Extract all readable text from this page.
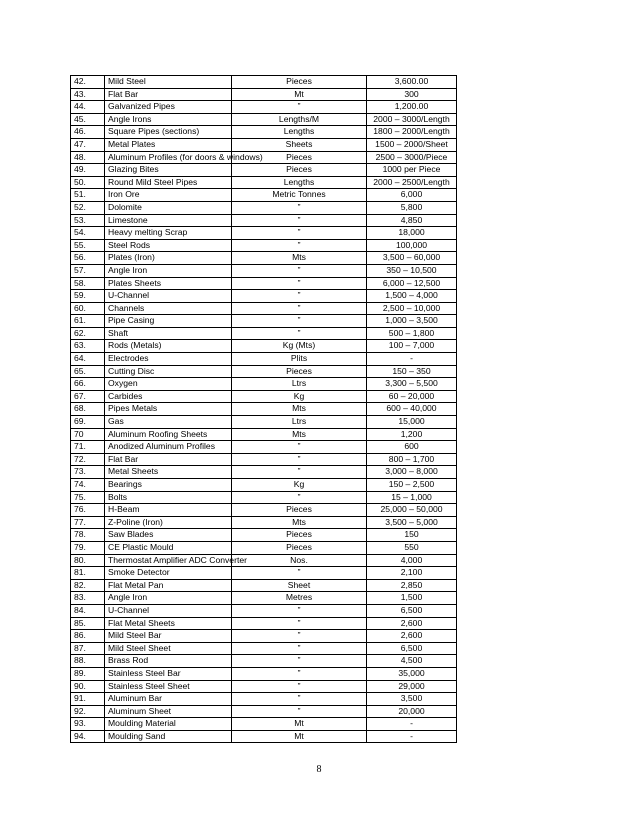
42.	Mild Steel	Pieces	3,600.00
43.	Flat Bar	Mt	300
44.	Galvanized Pipes	”	1,200.00
45.	Angle Irons	Lengths/M	2000 – 3000/Length
46.	Square Pipes (sections)	Lengths	1800 – 2000/Length
47.	Metal Plates	Sheets	1500 – 2000/Sheet
48.	Aluminum Profiles (for doors & windows)	Pieces	2500 – 3000/Piece
49.	Glazing Bites	Pieces	1000 per Piece
50.	Round Mild Steel Pipes	Lengths	2000 – 2500/Length
51.	Iron Ore	Metric Tonnes	6,000
52.	Dolomite	”	5,800
53.	Limestone	”	4,850
54.	Heavy melting Scrap	”	18,000
55.	Steel Rods	”	100,000
56.	Plates (Iron)	Mts	3,500 – 60,000
57.	Angle Iron	”	350 – 10,500
58.	Plates Sheets	”	6,000 – 12,500
59.	U-Channel	”	1,500 – 4,000
60.	Channels	”	2,500 – 10,000
61.	Pipe Casing	”	1,000 – 3,500
62.	Shaft	”	500 – 1,800
63.	Rods (Metals)	Kg (Mts)	100 – 7,000
64.	Electrodes	Plits	-
65.	Cutting Disc	Pieces	150 – 350
66.	Oxygen	Ltrs	3,300 – 5,500
67.	Carbides	Kg	60 – 20,000
68.	Pipes Metals	Mts	600 – 40,000
69.	Gas	Ltrs	15,000
70	Aluminum Roofing Sheets	Mts	1,200
71.	Anodized Aluminum Profiles	”	600
72.	Flat Bar	”	800 – 1,700
73.	Metal Sheets	”	3,000 – 8,000
74.	Bearings	Kg	150 – 2,500
75.	Bolts	”	15 – 1,000
76.	H-Beam	Pieces	25,000 – 50,000
77.	Z-Poline (Iron)	Mts	3,500 – 5,000
78.	Saw Blades	Pieces	150
79.	CE Plastic Mould	Pieces	550
80.	Thermostat Amplifier ADC Converter	Nos.	4,000
81.	Smoke Detector	”	2,100
82.	Flat Metal Pan	Sheet	2,850
83.	Angle Iron	Metres	1,500
84.	U-Channel	”	6,500
85.	Flat Metal Sheets	”	2,600
86.	Mild Steel Bar	”	2,600
87.	Mild Steel Sheet	”	6,500
88.	Brass Rod	”	4,500
89.	Stainless Steel Bar	”	35,000
90.	Stainless Steel Sheet	”	29,000
91.	Aluminum Bar	”	3,500
92.	Aluminum Sheet	”	20,000
93.	Moulding Material	Mt	-
94.	Moulding Sand	Mt	-
8
